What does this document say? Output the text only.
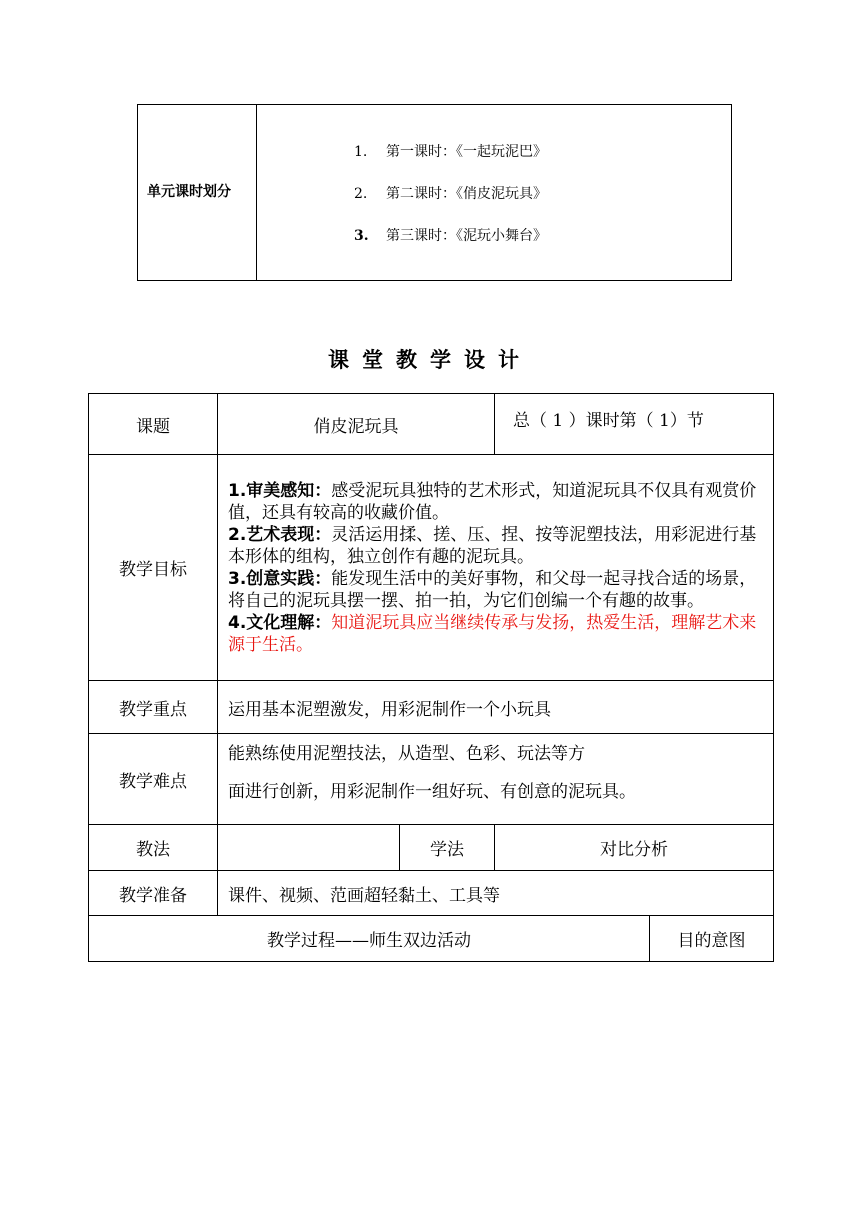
单元课时划分	
1. 第一课时：《一起玩泥巴》
2. 第二课时：《俏皮泥玩具》
3. 第三课时：《泥玩小舞台》
课堂教学设计
课题	俏皮泥玩具		总（ 1 ）课时第（ 1）节	
教学目标	1.审美感知：感受泥玩具独特的艺术形式，知道泥玩具不仅具有观赏价值，还具有较高的收藏价值。

2.艺术表现：灵活运用揉、搓、压、捏、按等泥塑技法，用彩泥进行基本形体的组构，独立创作有趣的泥玩具。

3.创意实践：能发现生活中的美好事物，和父母一起寻找合适的场景，将自己的泥玩具摆一摆、拍一拍，为它们创编一个有趣的故事。

4.文化理解：知道泥玩具应当继续传承与发扬，热爱生活，理解艺术来源于生活。			

教学重点	运用基本泥塑激发，用彩泥制作一个小玩具			
教学难点	能熟练使用泥塑技法，从造型、色彩、玩法等方

面进行创新，用彩泥制作一组好玩、有创意的泥玩具。			

教法		学法	对比分析	
教学准备	课件、视频、范画超轻黏土、工具等			
教学过程——师生双边活动				目的意图
